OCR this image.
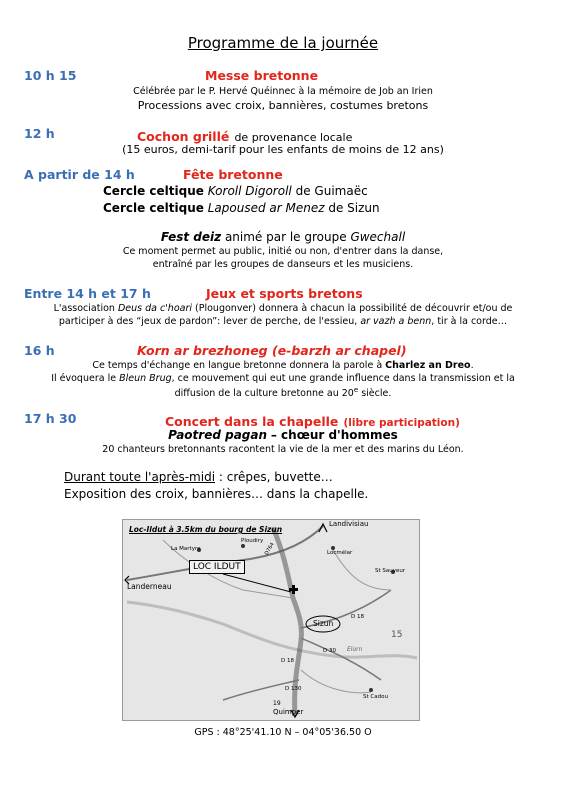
Programme de la journée
10 h 15	Messe bretonne
Célébrée par le P. Hervé Quéinnec à la mémoire de Job an Irien
Processions avec croix, bannières, costumes bretons
12 h	Cochon grillé de provenance locale
(15 euros, demi-tarif pour les enfants de moins de 12 ans)
A partir de 14 h	Fête bretonne
Cercle celtique Koroll Digoroll de Guimaëc
Cercle celtique Lapoused ar Menez de Sizun
Fest deiz animé par le groupe Gwechall
Ce moment permet au public, initié ou non, d'entrer dans la danse,
entraîné par les groupes de danseurs et les musiciens.
Entre 14 h et 17 h	Jeux et sports bretons
L'association Deus da c'hoari (Plougonver) donnera à chacun la possibilité de découvrir et/ou de
participer à des “jeux de pardon”: lever de perche, de l'essieu, ar vazh a benn, tir à la corde…
16 h	Korn ar brezhoneg (e-barzh ar chapel)
Ce temps d'échange en langue bretonne donnera la parole à Charlez an Dreo.
Il évoquera le Bleun Brug, ce mouvement qui eut une grande influence dans la transmission et la
diffusion de la culture bretonne au 20e siècle.
17 h 30	Concert dans la chapelle (libre participation)
Paotred pagan – chœur d'hommes
20 chanteurs bretonnants racontent la vie de la mer et des marins du Léon.
Durant toute l'après-midi : crêpes, buvette…
Exposition des croix, bannières… dans la chapelle.
Loc-Ildut à 3.5km du bourg de Sizun
LOC ILDUT
Landivisiau
La Martyre
Ploudiry
Locmélar
St Sauveur
Landerneau
Sizun
Elorn
St Cadou
Quimper
D 18
D 18
D 30
D 130
15
19
D764
GPS : 48°25'41.10 N – 04°05'36.50 O
